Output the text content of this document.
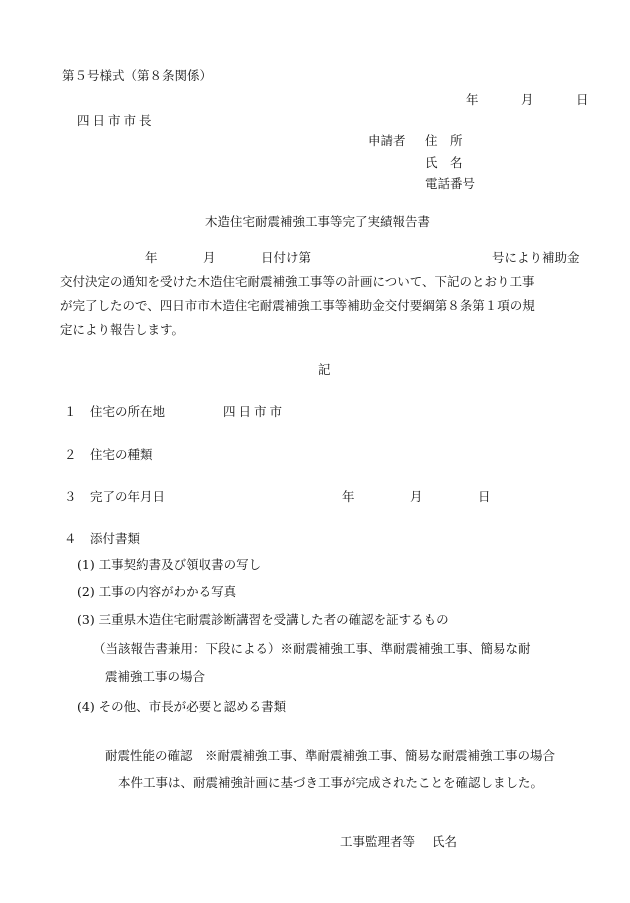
第５号様式（第８条関係）
年	月	日
四日市市長
申請者 住　所
氏　名
電話番号
木造住宅耐震補強工事等完了実績報告書
年	月	日付け第	号により補助金
交付決定の通知を受けた木造住宅耐震補強工事等の計画について、下記のとおり工事
が完了したので、四日市市木造住宅耐震補強工事等補助金交付要綱第８条第１項の規
定により報告します。
記
１ 住宅の所在地	四日市市
２ 住宅の種類
３ 完了の年月日	年	月	日
４ 添付書類
(1) 工事契約書及び領収書の写し
(2) 工事の内容がわかる写真
(3) 三重県木造住宅耐震診断講習を受講した者の確認を証するもの
（当該報告書兼用：下段による）※耐震補強工事、準耐震補強工事、簡易な耐
震補強工事の場合
(4) その他、市長が必要と認める書類
耐震性能の確認　※耐震補強工事、準耐震補強工事、簡易な耐震補強工事の場合
本件工事は、耐震補強計画に基づき工事が完成されたことを確認しました。
工事監理者等 氏名
